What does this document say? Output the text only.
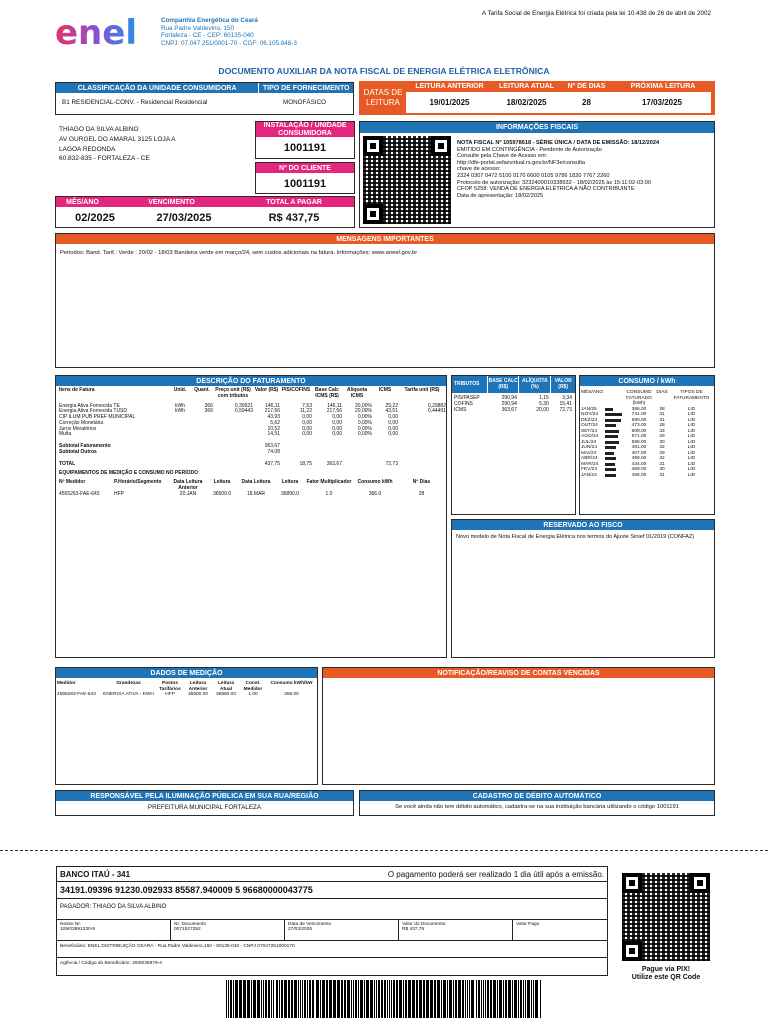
A Tarifa Social de Energia Elétrica foi criada pela lei 10.438 de 26 de abril de 2002
enel	Companhia Energética do Ceará
Rua Padre Valdevino, 150
Fortaleza - CE - CEP: 60135-040
CNPJ: 07.047.251/0001-70 - CGF: 06.105.848-3
DOCUMENTO AUXILIAR DA NOTA FISCAL DE ENERGIA ELÉTRICA ELETRÔNICA
CLASSIFICAÇÃO DA UNIDADE CONSUMIDORA	TIPO DE FORNECIMENTO
B1 RESIDENCIAL-CONV. - Residencial Residencial	MONOFÁSICO
DATAS DE LEITURA
LEITURA ANTERIOR	LEITURA ATUAL	Nº DE DIAS	PRÓXIMA LEITURA
19/01/2025	18/02/2025	28	17/03/2025
THIAGO DA SILVA ALBINO
AV GURGEL DO AMARAL 3125 LOJA A
LAGOA REDONDA
60.832-835 - FORTALEZA - CE
INSTALAÇÃO / UNIDADE CONSUMIDORA
1001191
Nº DO CLIENTE
1001191
INFORMAÇÕES FISCAIS
NOTA FISCAL Nº 105978618 - SÉRIE ÚNICA / DATA DE EMISSÃO: 18/12/2024
EMITIDO EM CONTINGÊNCIA - Pendente de Autorização
Consulte pela Chave de Acesso em:
http://dfe-portal.sefazvirtual.rs.gov.br/NF3e/consulta
chave de acesso:
2324 0307 0472 5100 0170 6600 0105 9786 1820 7767 2260
Protocolo de autorização: 3232400010338932 - 18/02/2025 às 15:11:02-03:00
CFOP 5258: VENDA DE ENERGIA ELÉTRICA A NÃO CONTRIBUINTE
Data de apresentação: 18/02/2025
MÊS/ANO	VENCIMENTO	TOTAL A PAGAR
02/2025	27/03/2025	R$ 437,75
MENSAGENS IMPORTANTES
Periodos: Band. Tarif.: Verde : 20/02 - 18/03 Bandeira verde em março/24, sem custos adicionais na fatura. Informações: www.aneel.gov.br
DESCRIÇÃO DO FATURAMENTO
Itens de Fatura	Unid.	Quant.	Preço unit (R$) com tributos	Valor (R$)	PIS/COFINS	Base Calc ICMS (R$)	Alíquota ICMS	ICMS	Tarifa unit (R$)

Energia Ativa Fornecida TE	kWh	366	0,39921	146,11	7,53	146,11	20,00%	29,22	0,29882
Energia Ativa Fornecida TUSD	kWh	366	0,59443	217,56	11,22	217,56	20,00%	43,51	0,44491
CIP ILUM PUB PREF MUNICIPAL				43,93	0,00	0,00	0,00%	0,00	
Correção Monetária				5,62	0,00	0,00	0,00%	0,00	
Juros Moratórios				10,52	0,00	0,00	0,00%	0,00	
Multa				14,51	0,00	0,00	0,00%	0,00	

Subtotal Faturamento				363,67					
Subtotal Outros				74,08					

TOTAL				437,75	18,75	363,67		72,73	

EQUIPAMENTOS DE MEDIÇÃO E CONSUMO NO PERÍODO									
Nº Medidor	P.Horário/Segmento	Data Leitura Anterior	Leitura	Data Leitura	Leitura	Fator Multiplicador	Consumo kWh	Nº Dias
4565263-FAE-643	HFP	20.JAN	36500.0	18.MAR	36890.0	1.0	366.0	28
TRIBUTOS	BASE CALC (R$)	ALÍQUOTA (%)	VALOR (R$)

PIS/PASEP	290,94	1,15	3,34
COFINS	290,94	5,30	15,41
ICMS	363,67	20,00	72,73
CONSUMO / kWh
MÊS/ANO		CONSUMO FATURADO (kWh)	DIAS	TIPOS DE FATURAMENTO
JAN/25		366.00	28	LID
NOV/24		741.00	31	LID
DEZ/24		690.00	31	LID
OUT/24		473.00	28	LID
SET/24		609.00	33	LID
AGO/24		571.00	29	LID
JUL/24		598.00	30	LID
JUN/24		481.00	32	LID
MAI/24		407.00	29	LID
ABR/24		499.00	32	LID
MAR/24		434.00	31	LID
FEV/24		469.00	30	LID
JAN/24		485.00	31	LID
RESERVADO AO FISCO
Novo modelo de Nota Fiscal de Energia Elétrica nos termos do Ajuste Sinief 01/2019 (CONFAZ)
DADOS DE MEDIÇÃO
Medidor	Grandezas	Postos Tarifários	Leitura Anterior	Leitura Atual	Const. Medidor	Consumo kWh/kW
4565263-FAE-643	ENERGIA ATIVA - KWH	HFP	36500.00	36890.00	1.00	366.00
NOTIFICAÇÃO/REAVISO DE CONTAS VENCIDAS
RESPONSÁVEL PELA ILUMINAÇÃO PÚBLICA EM SUA RUA/REGIÃO
PREFEITURA MUNICIPAL FORTALEZA
CADASTRO DE DÉBITO AUTOMÁTICO
Se você ainda não tem débito automático, cadastra-se na sua instituição bancária utilizando o código 1001191
BANCO ITAÚ - 341	O pagamento poderá ser realizado 1 dia útil após a emissão.
34191.09396 91230.092933 85587.940009 5 96680000043775
PAGADOR: THIAGO DA SILVA ALBINO
Nosso Nr.
109/03991230-9
Nr. Documento
0071527352
Data de Vencimento
27/03/2025
Valor do Documento
R$ 437,75
Valor Pago
Beneficiário: ENEL DISTRIBUIÇÃO CEARÁ - Rua Padre Valdevino,150 - 60135-040 - CNPJ 07047251000170
Agência / Código do Beneficiário: 2938/35879-4
Pague via PIX!
Utilize este QR Code
